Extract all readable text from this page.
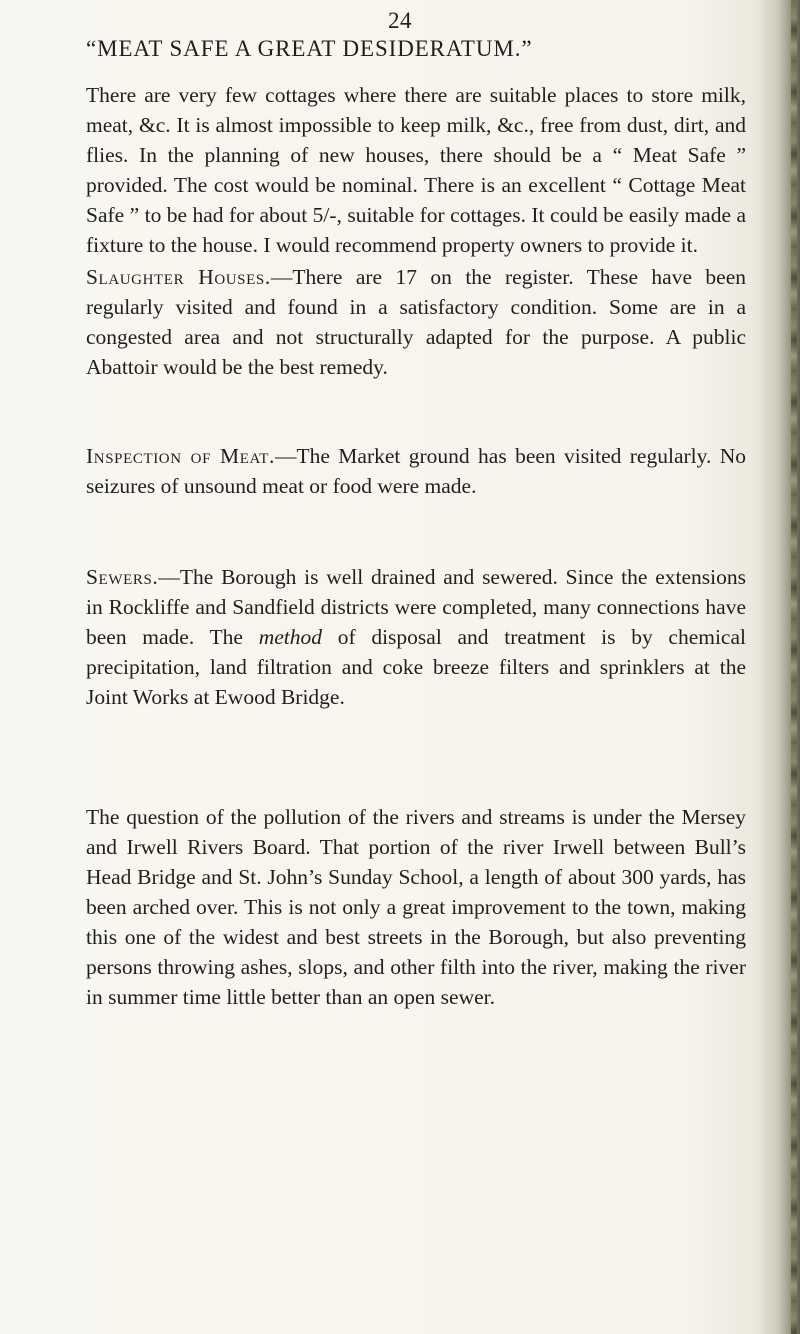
24
“MEAT SAFE A GREAT DESIDERATUM.”

There are very few cottages where there are suitable places to store milk, meat, &c. It is almost impossible to keep milk, &c., free from dust, dirt, and flies. In the planning of new houses, there should be a “ Meat Safe ” provided. The cost would be nominal. There is an excellent “ Cottage Meat Safe ” to be had for about 5/-, suitable for cottages. It could be easily made a fixture to the house. I would recommend property owners to provide it.

Slaughter Houses.—There are 17 on the register. These have been regularly visited and found in a satisfactory condition. Some are in a congested area and not structurally adapted for the purpose. A public Abattoir would be the best remedy.

Inspection of Meat.—The Market ground has been visited regularly. No seizures of unsound meat or food were made.

Sewers.—The Borough is well drained and sewered. Since the extensions in Rockliffe and Sandfield districts were completed, many connections have been made. The method of disposal and treatment is by chemical precipitation, land filtration and coke breeze filters and sprinklers at the Joint Works at Ewood Bridge.

The question of the pollution of the rivers and streams is under the Mersey and Irwell Rivers Board. That portion of the river Irwell between Bull’s Head Bridge and St. John’s Sunday School, a length of about 300 yards, has been arched over. This is not only a great improvement to the town, making this one of the widest and best streets in the Borough, but also preventing persons throwing ashes, slops, and other filth into the river, making the river in summer time little better than an open sewer.
